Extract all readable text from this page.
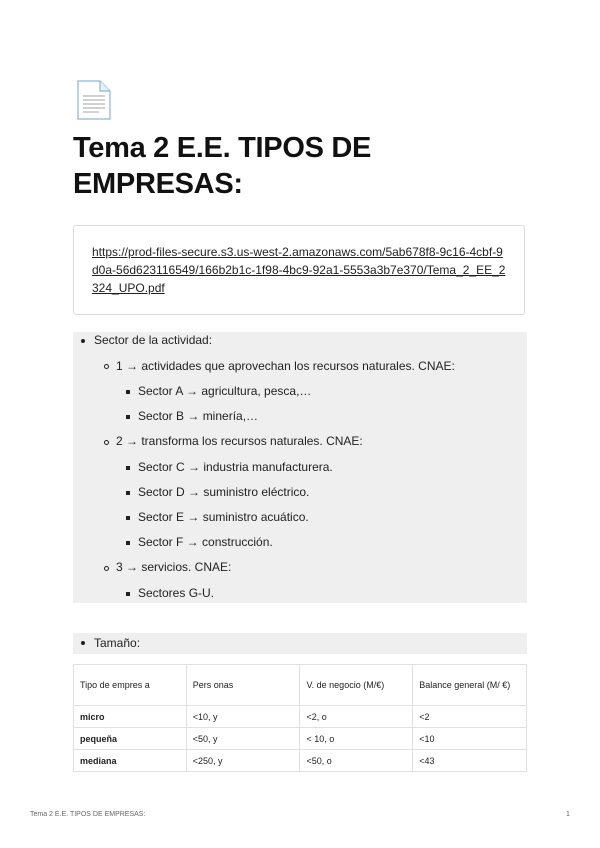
Tema 2 E.E. TIPOS DE EMPRESAS:
https://prod-files-secure.s3.us-west-2.amazonaws.com/5ab678f8-9c16-4cbf-9d0a-56d623116549/166b2b1c-1f98-4bc9-92a1-5553a3b7e370/Tema_2_EE_2324_UPO.pdf
Sector de la actividad:
1 → actividades que aprovechan los recursos naturales. CNAE:
Sector A → agricultura, pesca,…
Sector B → minería,…
2 → transforma los recursos naturales. CNAE:
Sector C → industria manufacturera.
Sector D → suministro eléctrico.
Sector E → suministro acuático.
Sector F → construcción.
3 → servicios. CNAE:
Sectores G-U.
Tamaño:
Tipo de empres a	Pers onas	V. de negocio (M/€)	Balance general (M/ €)
micro	<10, y	<2, o	<2
pequeña	<50, y	< 10, o	<10
mediana	<250, y	<50, o	<43
Tema 2 E.E. TIPOS DE EMPRESAS:	1
